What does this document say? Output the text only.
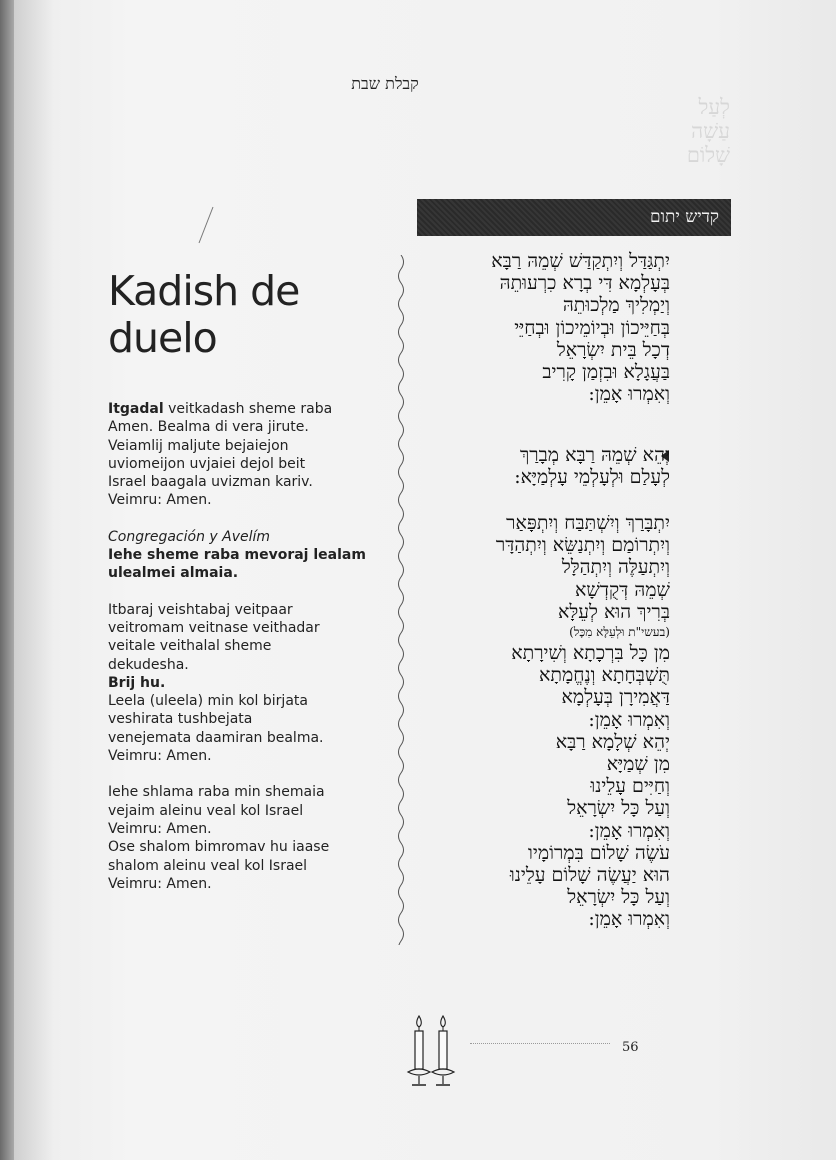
לְעַל
עַשָׁה
שָׁלוֹם
קבלת שבת
Kadish de
duelo

Itgadal veitkadash sheme raba

Amen. Bealma di vera jirute.

Veiamlij maljute bejaiejon

uviomeijon uvjaiei dejol beit

Israel baagala uvizman kariv.

Veimru: Amen.

Congregación y Avelím

Iehe sheme raba mevoraj lealam

ulealmei almaia.

Itbaraj veishtabaj veitpaar

veitromam veitnase veithadar

veitale veithalal sheme

dekudesha.

Brij hu.

Leela (uleela) min kol birjata

veshirata tushbejata

venejemata daamiran bealma.

Veimru: Amen.

Iehe shlama raba min shemaia

vejaim aleinu veal kol Israel

Veimru: Amen.

Ose shalom bimromav hu iaase

shalom aleinu veal kol Israel

Veimru: Amen.

קדיש יתום

יִתְגַּדַּל וְיִתְקַדַּשׁ שְׁמֵהּ רַבָּא

בְּעָלְמָא דִּי בְרָא כִרְעוּתֵהּ

וְיַמְלִיךְ מַלְכוּתֵהּ

בְּחַיֵּיכוֹן וּבְיוֹמֵיכוֹן וּבְחַיֵּי

דְכָל בֵּית יִשְׂרָאֵל

בַּעֲגָלָא וּבִזְמַן קָרִיב

וְאִמְרוּ אָמֵן:

יְהֵא שְׁמֵהּ רַבָּא מְבָרַךְ

לְעָלַם וּלְעָלְמֵי עָלְמַיָּא:

יִתְבָּרַךְ וְיִשְׁתַּבַּח וְיִתְפָּאַר

וְיִתְרוֹמַם וְיִתְנַשֵּׂא וְיִתְהַדָּר

וְיִתְעַלֶּה וְיִתְהַלָּל

שְׁמֵהּ דְּקֻדְשָׁא

בְּרִיךְ הוּא לְעֵלָּא

(בעשי"ת וּלְעֵלָּא מִכָּל)

מִן כָּל בִּרְכָתָא וְשִׁירָתָא

תֻּשְׁבְּחָתָא וְנֶחֱמָתָא

דַּאֲמִירָן בְּעָלְמָא

וְאִמְרוּ אָמֵן:

יְהֵא שְׁלָמָא רַבָּא

מִן שְׁמַיָּא

וְחַיִּים עָלֵינוּ

וְעַל כָּל יִשְׂרָאֵל

וְאִמְרוּ אָמֵן:

עֹשֶׂה שָׁלוֹם בִּמְרוֹמָיו

הוּא יַעֲשֶׂה שָׁלוֹם עָלֵינוּ

וְעַל כָּל יִשְׂרָאֵל

וְאִמְרוּ אָמֵן:

56
